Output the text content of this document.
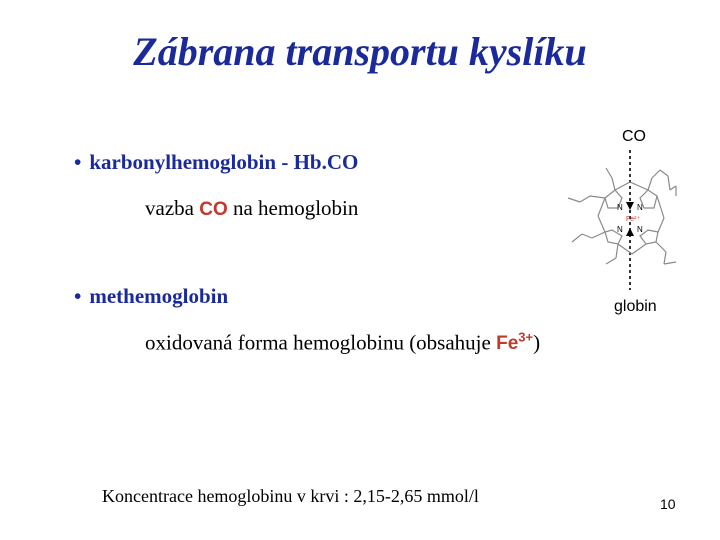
Zábrana transportu kyslíku
• karbonylhemoglobin - Hb.CO
vazba CO na hemoglobin
• methemoglobin
oxidovaná forma hemoglobinu (obsahuje $Fe^{3+}$)
CO
globin
N N
N N
Fe²⁺
Koncentrace hemoglobinu v krvi : 2,15-2,65 mmol/l	10
